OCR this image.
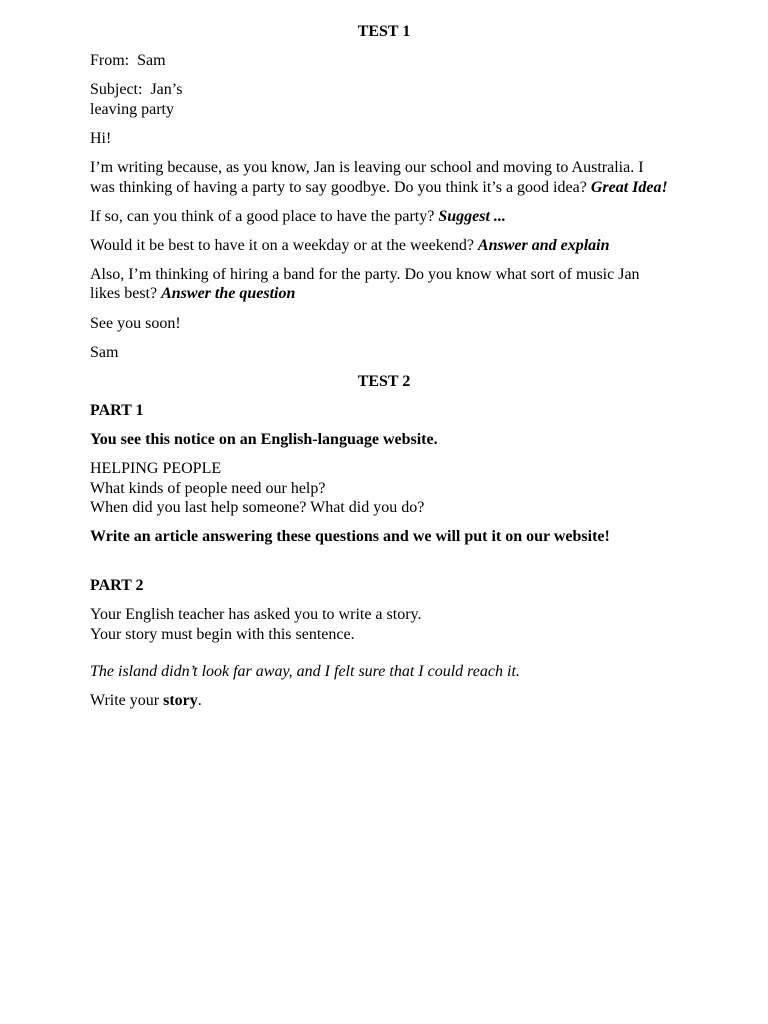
TEST 1

From: Sam

Subject: Jan’s leaving party

Hi!

I’m writing because, as you know, Jan is leaving our school and moving to Australia. I was thinking of having a party to say goodbye. Do you think it’s a good idea? Great Idea!

If so, can you think of a good place to have the party? Suggest ...

Would it be best to have it on a weekday or at the weekend? Answer and explain

Also, I’m thinking of hiring a band for the party. Do you know what sort of music Jan likes best? Answer the question

See you soon!

Sam

TEST 2

PART 1

You see this notice on an English-language website.

HELPING PEOPLE
What kinds of people need our help?
When did you last help someone? What did you do?

Write an article answering these questions and we will put it on our website!

PART 2

Your English teacher has asked you to write a story.
Your story must begin with this sentence.

The island didn’t look far away, and I felt sure that I could reach it.

Write your story.
